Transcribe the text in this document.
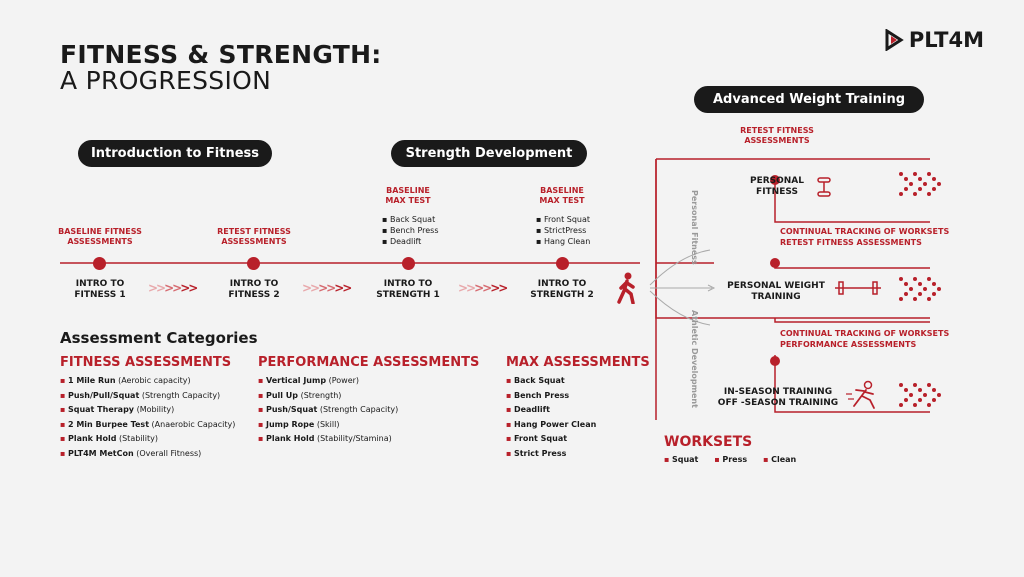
FITNESS & STRENGTH:
A PROGRESSION
PLT4M
Introduction to Fitness	Strength Development
Advanced Weight Training
BASELINE FITNESS
ASSESSMENTS
INTRO TO
FITNESS 1
RETEST FITNESS
ASSESSMENTS
INTRO TO
FITNESS 2
BASELINE
MAX TEST
▪ Back Squat
▪ Bench Press
▪ Deadlift
INTRO TO
STRENGTH 1
BASELINE
MAX TEST
▪ Front Squat
▪ StrictPress
▪ Hang Clean
INTRO TO
STRENGTH 2
>>>>>>	>>>>>>	>>>>>>
Personal Fitness
Athletic Development
RETEST FITNESS
ASSESSMENTS
PERSONAL
FITNESS
CONTINUAL TRACKING OF WORKSETS
RETEST FITNESS ASSESSMENTS
PERSONAL WEIGHT
TRAINING
CONTINUAL TRACKING OF WORKSETS
PERFORMANCE ASSESSMENTS
IN-SEASON TRAINING
OFF -SEASON TRAINING
Assessment Categories
FITNESS ASSESSMENTS
▪ 1 Mile Run (Aerobic capacity)
▪ Push/Pull/Squat (Strength Capacity)
▪ Squat Therapy (Mobility)
▪ 2 Min Burpee Test (Anaerobic Capacity)
▪ Plank Hold (Stability)
▪ PLT4M MetCon (Overall Fitness)
PERFORMANCE ASSESSMENTS
▪ Vertical Jump (Power)
▪ Pull Up (Strength)
▪ Push/Squat (Strength Capacity)
▪ Jump Rope (Skill)
▪ Plank Hold (Stability/Stamina)
MAX ASSESSMENTS
▪ Back Squat
▪ Bench Press
▪ Deadlift
▪ Hang Power Clean
▪ Front Squat
▪ Strict Press
WORKSETS
▪ Squat	▪ Press	▪ Clean
